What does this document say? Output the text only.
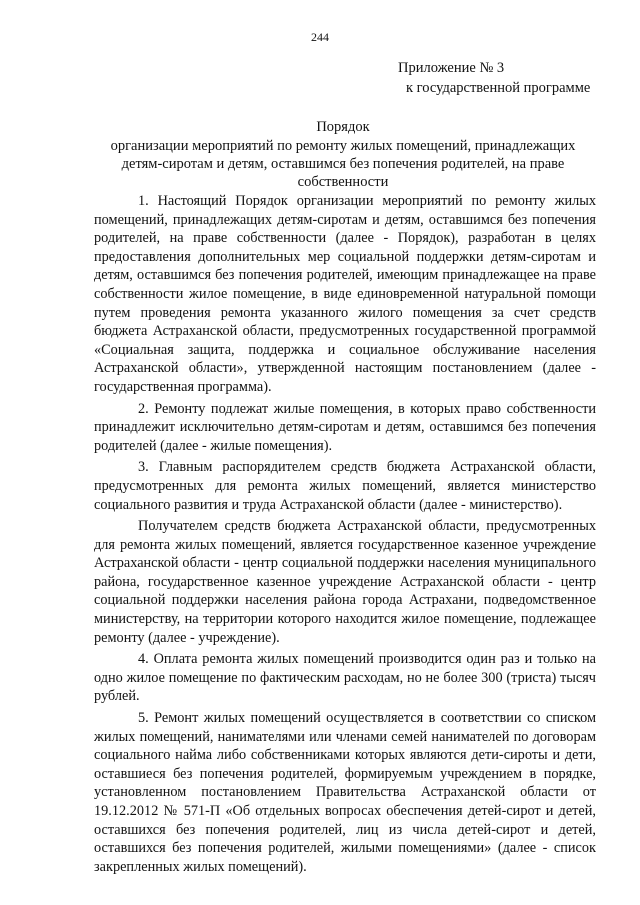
244
Приложение № 3
к государственной программе
Порядок
организации мероприятий по ремонту жилых помещений, принадлежащих детям-сиротам и детям, оставшимся без попечения родителей, на праве собственности

1. Настоящий Порядок организации мероприятий по ремонту жилых помещений, принадлежащих детям-сиротам и детям, оставшимся без попечения родителей, на праве собственности (далее - Порядок), разработан в целях предоставления дополнительных мер социальной поддержки детям-сиротам и детям, оставшимся без попечения родителей, имеющим принадлежащее на праве собственности жилое помещение, в виде единовременной натуральной помощи путем проведения ремонта указанного жилого помещения за счет средств бюджета Астраханской области, предусмотренных государственной программой «Социальная защита, поддержка и социальное обслуживание населения Астраханской области», утвержденной настоящим постановлением (далее - государственная программа).

2. Ремонту подлежат жилые помещения, в которых право собственности принадлежит исключительно детям-сиротам и детям, оставшимся без попечения родителей (далее - жилые помещения).

3. Главным распорядителем средств бюджета Астраханской области, предусмотренных для ремонта жилых помещений, является министерство социального развития и труда Астраханской области (далее - министерство).

Получателем средств бюджета Астраханской области, предусмотренных для ремонта жилых помещений, является государственное казенное учреждение Астраханской области - центр социальной поддержки населения муниципального района, государственное казенное учреждение Астраханской области - центр социальной поддержки населения района города Астрахани, подведомственное министерству, на территории которого находится жилое помещение, подлежащее ремонту (далее - учреждение).

4. Оплата ремонта жилых помещений производится один раз и только на одно жилое помещение по фактическим расходам, но не более 300 (триста) тысяч рублей.

5. Ремонт жилых помещений осуществляется в соответствии со списком жилых помещений, нанимателями или членами семей нанимателей по договорам социального найма либо собственниками которых являются дети-сироты и дети, оставшиеся без попечения родителей, формируемым учреждением в порядке, установленном постановлением Правительства Астраханской области от 19.12.2012 № 571-П «Об отдельных вопросах обеспечения детей-сирот и детей, оставшихся без попечения родителей, лиц из числа детей-сирот и детей, оставшихся без попечения родителей, жилыми помещениями» (далее - список закрепленных жилых помещений).
